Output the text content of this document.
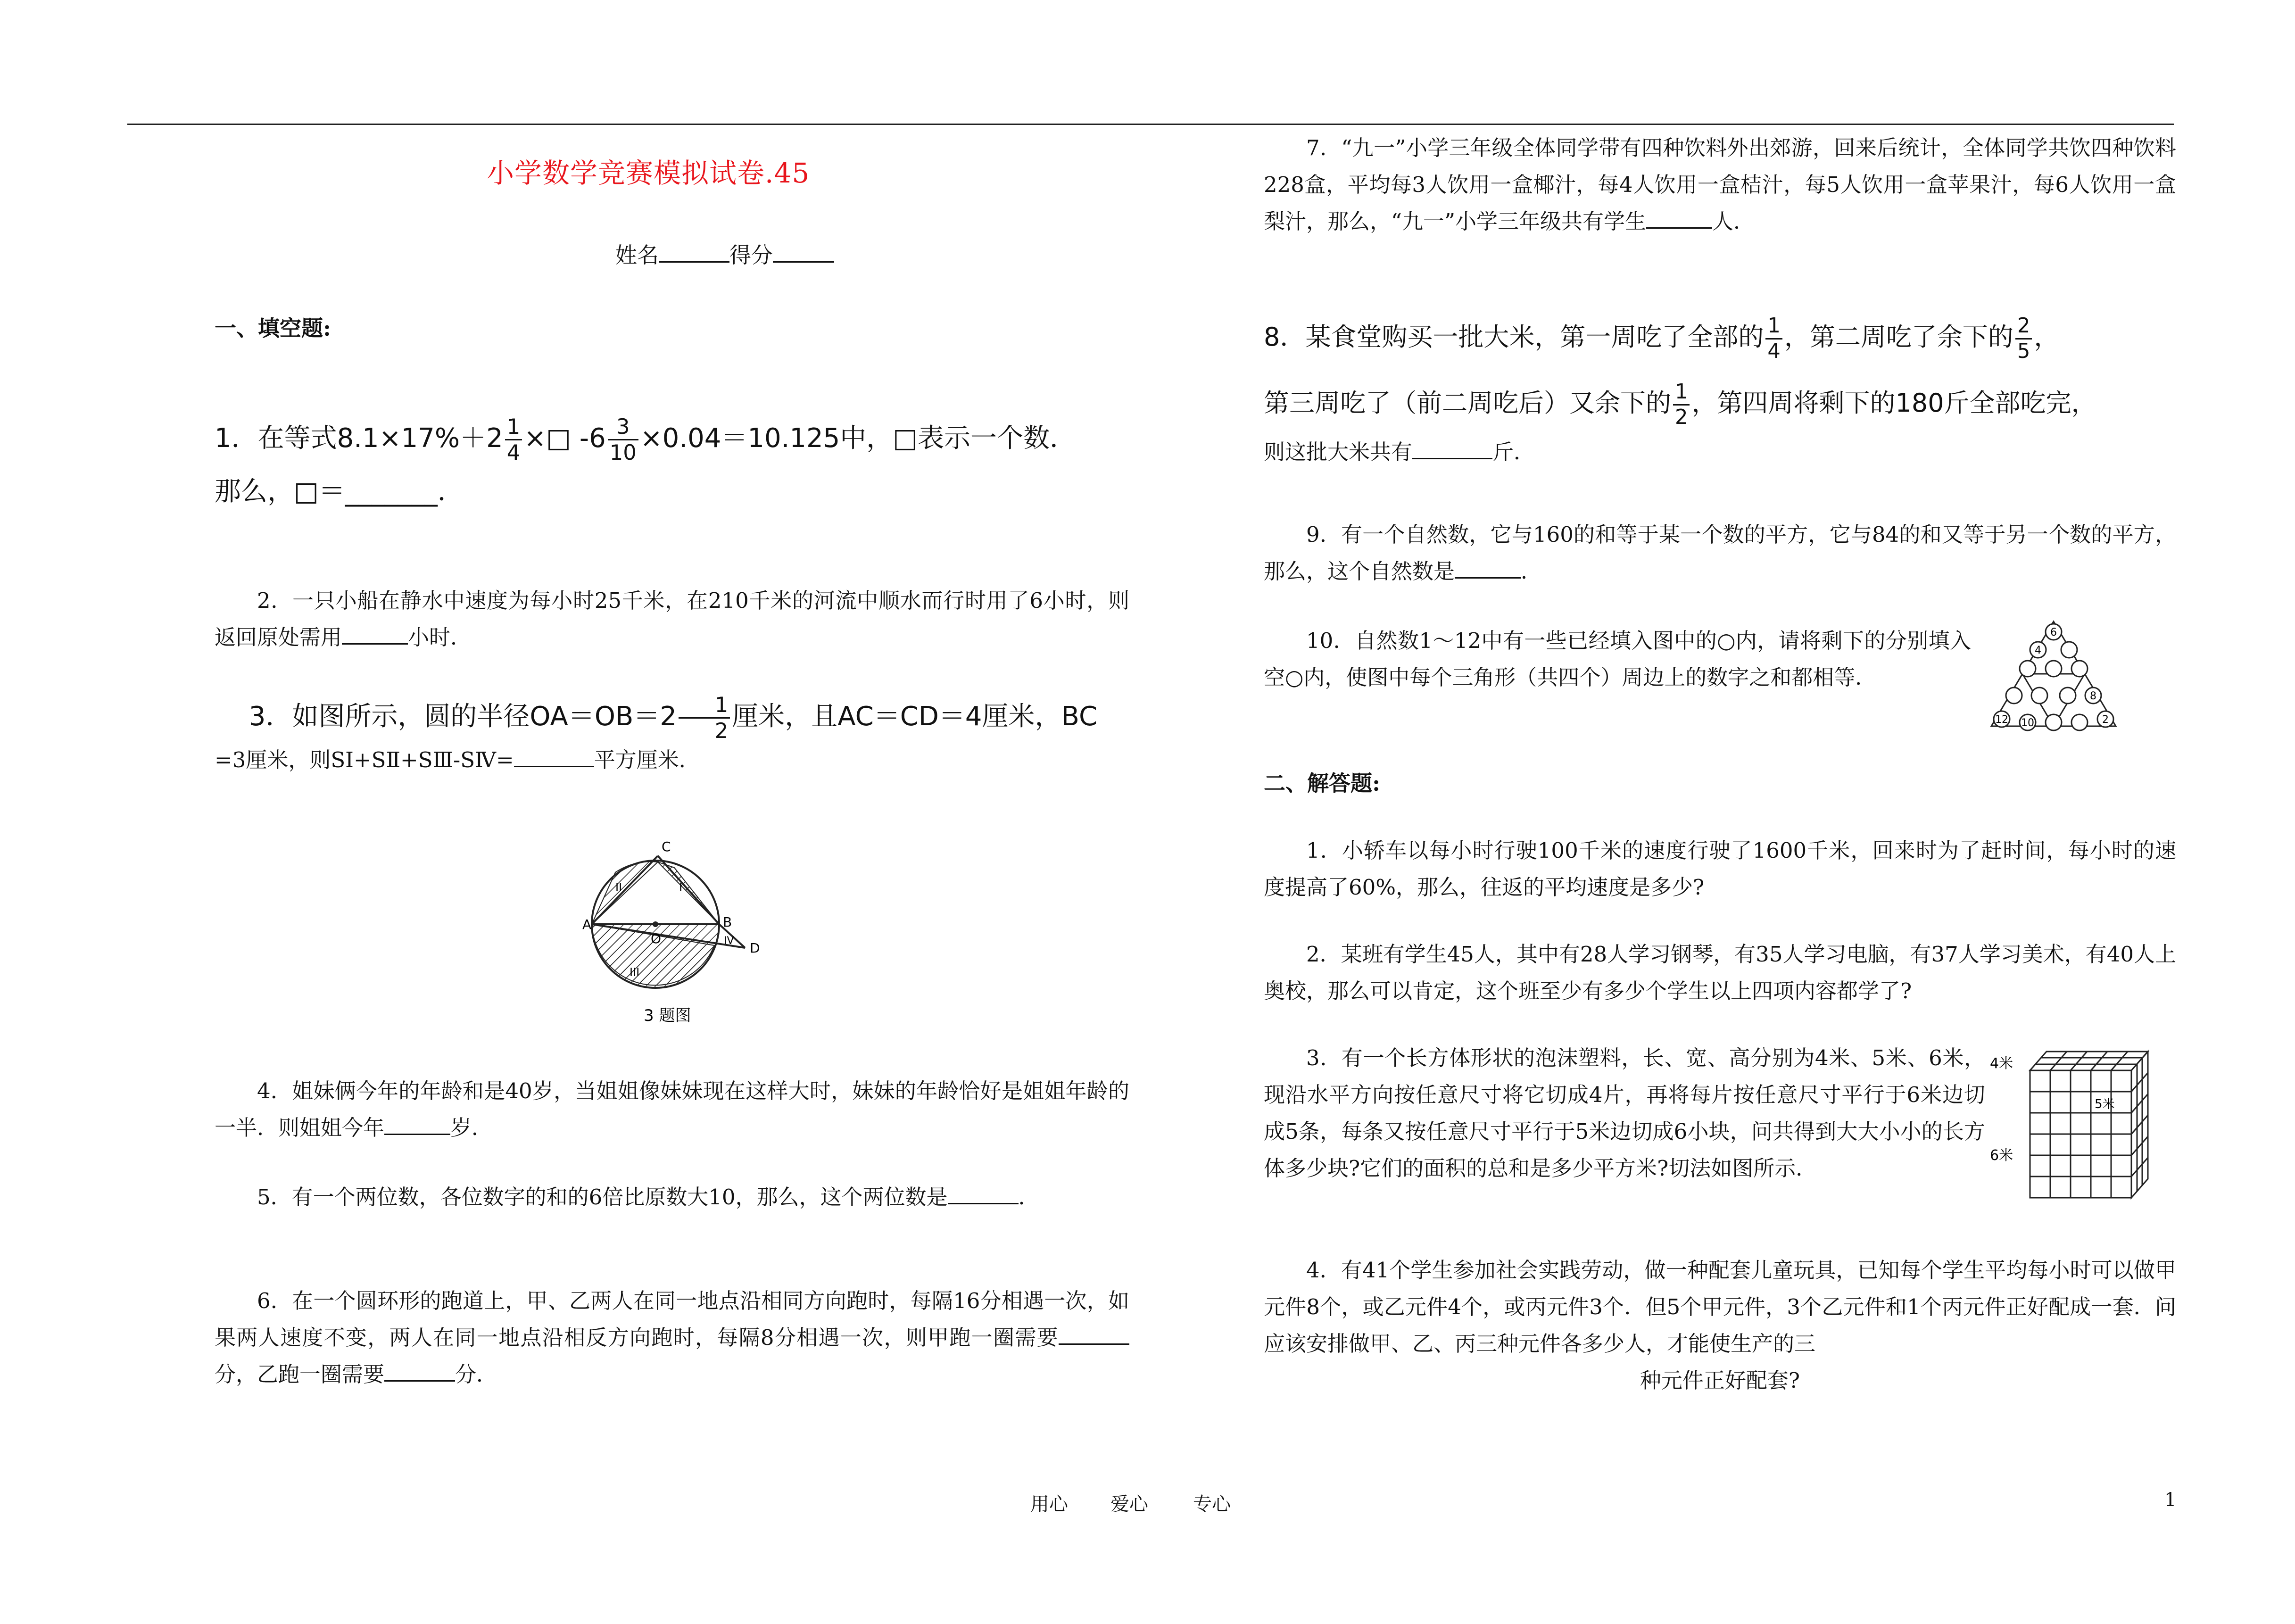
小学数学竞赛模拟试卷.45
姓名	得分
一、填空题:

1．在等式$8.1\times 17\%+2 \frac{1}{4}$ ×□ $-6 \frac{3}{10} \times 0.04=10.125$中，□表示一个数．

那么，□＝_______．

2．一只小船在静水中速度为每小时25千米，在210千米的河流中顺水而行时用了6小时，则返回原处需用	小时．

3．如图所示，圆的半径$OA=OB=2 \frac{1}{2}$ 厘米，且AC＝CD＝4厘米，BC

=3厘米，则SⅠ+SⅡ+SⅢ-SⅣ=	平方厘米．

A	B
C
D
O
I
II
III
IV
3 题图

4．姐妹俩今年的年龄和是40岁，当姐姐像妹妹现在这样大时，妹妹的年龄恰好是姐姐年龄的一半．则姐姐今年	岁．

5．有一个两位数，各位数字的和的6倍比原数大10，那么，这个两位数是	．

6．在一个圆环形的跑道上，甲、乙两人在同一地点沿相同方向跑时，每隔16分相遇一次，如果两人速度不变，两人在同一地点沿相反方向跑时，每隔8分相遇一次，则甲跑一圈需要分，乙跑一圈需要	分．

7．“九一”小学三年级全体同学带有四种饮料外出郊游，回来后统计，全体同学共饮四种饮料228盒，平均每3人饮用一盒椰汁，每4人饮用一盒桔汁，每5人饮用一盒苹果汁，每6人饮用一盒梨汁，那么，“九一”小学三年级共有学生	人．

8．某食堂购买一批大米，第一周吃了全部的 $\frac{1}{4}$ ，第二周吃了余下的 $\frac{2}{5}$ ，

第三周吃了（前二周吃后）又余下的 $\frac{1}{2}$ ，第四周将剩下的180斤全部吃完，

则这批大米共有	斤．

9．有一个自然数，它与160的和等于某一个数的平方，它与84的和又等于另一个数的平方，那么，这个自然数是	．

10．自然数1～12中有一些已经填入图中的○内，请将剩下的分别填入空○内，使图中每个三角形（共四个）周边上的数字之和都相等．

6
4
8
12 10	2
二、解答题:

1．小轿车以每小时行驶100千米的速度行驶了1600千米，回来时为了赶时间，每小时的速度提高了60%，那么，往返的平均速度是多少?

2．某班有学生45人，其中有28人学习钢琴，有35人学习电脑，有37人学习美术，有40人上奥校，那么可以肯定，这个班至少有多少个学生以上四项内容都学了?

3．有一个长方体形状的泡沫塑料，长、宽、高分别为4米、5米、6米，现沿水平方向按任意尺寸将它切成4片，再将每片按任意尺寸平行于6米边切成5条，每条又按任意尺寸平行于5米边切成6小块，问共得到大大小小的长方体多少块?它们的面积的总和是多少平方米?切法如图所示．

4米
5米
6米

4．有41个学生参加社会实践劳动，做一种配套儿童玩具，已知每个学生平均每小时可以做甲元件8个，或乙元件4个，或丙元件3个．但5个甲元件，3个乙元件和1个丙元件正好配成一套．问应该安排做甲、乙、丙三种元件各多少人，才能使生产的三

种元件正好配套?

用心 爱心 专心	1
